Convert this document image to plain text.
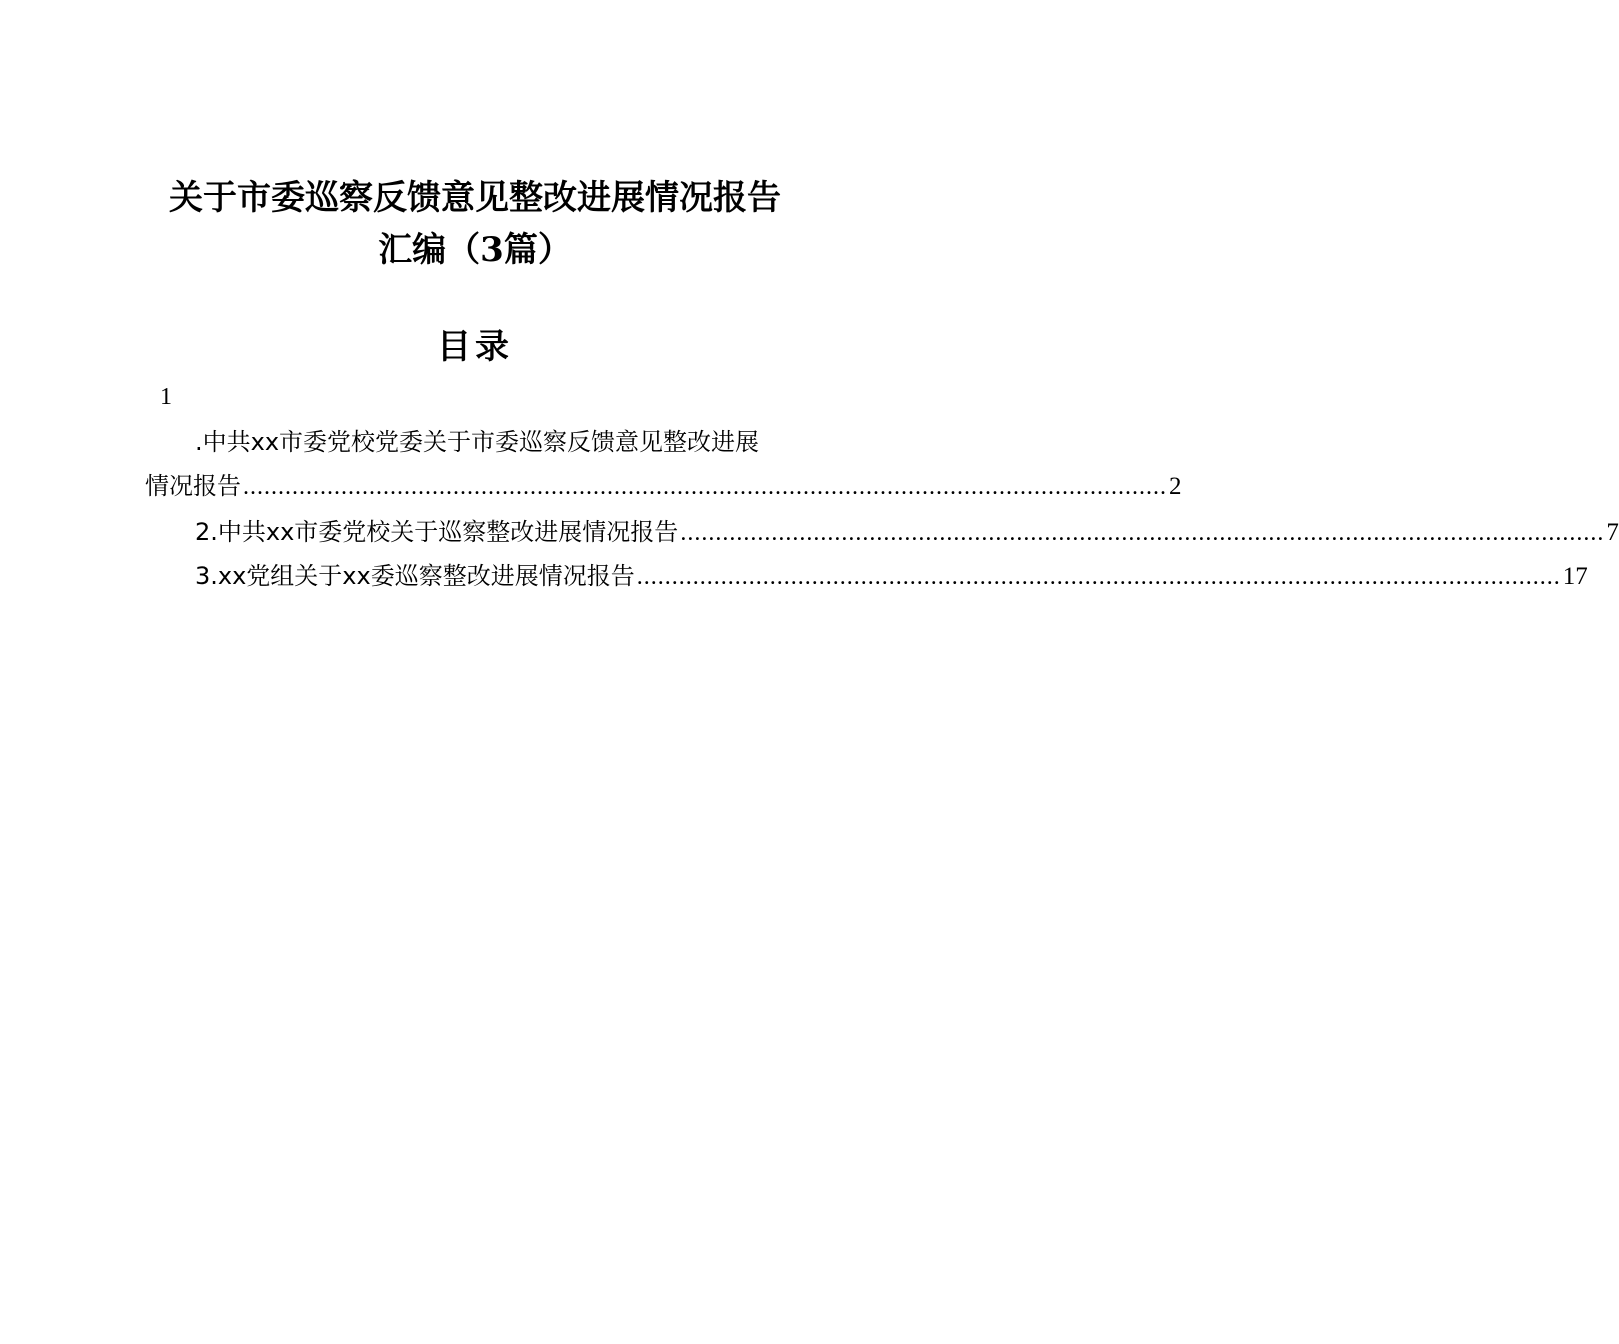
关于市委巡察反馈意见整改进展情况报告
汇编（3篇）
目录
1
.中共xx市委党校党委关于市委巡察反馈意见整改进展
情况报告 .................................................................................................................................... 2
2.中共xx市委党校关于巡察整改进展情况报告 .................................................................................................................................... 7
3.xx党组关于xx委巡察整改进展情况报告 .................................................................................................................................... 17
